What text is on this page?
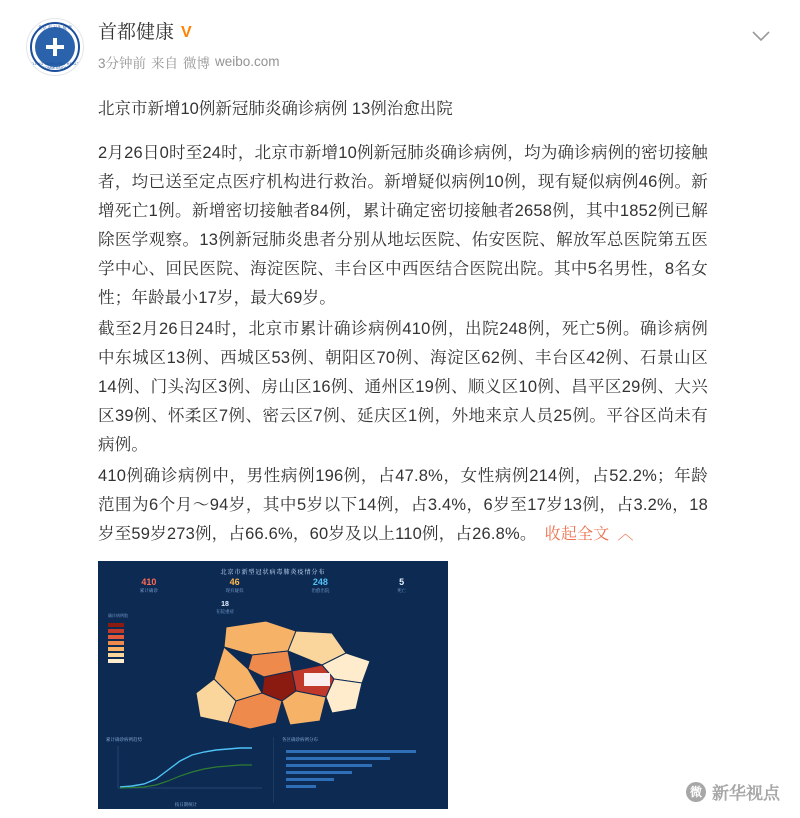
北京市卫生健康
BEIJING MUNICIPAL HEALTH COMMISSION
首都健康 V
3分钟前 来自 微博 weibo.com
北京市新增10例新冠肺炎确诊病例 13例治愈出院

2月26日0时至24时，北京市新增10例新冠肺炎确诊病例，均为确诊病例的密切接触者，均已送至定点医疗机构进行救治。新增疑似病例10例，现有疑似病例46例。新增死亡1例。新增密切接触者84例，累计确定密切接触者2658例，其中1852例已解除医学观察。13例新冠肺炎患者分别从地坛医院、佑安医院、解放军总医院第五医学中心、回民医院、海淀医院、丰台区中西医结合医院出院。其中5名男性，8名女性；年龄最小17岁，最大69岁。

截至2月26日24时，北京市累计确诊病例410例，出院248例，死亡5例。确诊病例中东城区13例、西城区53例、朝阳区70例、海淀区62例、丰台区42例、石景山区14例、门头沟区3例、房山区16例、通州区19例、顺义区10例、昌平区29例、大兴区39例、怀柔区7例、密云区7例、延庆区1例，外地来京人员25例。平谷区尚未有病例。

410例确诊病例中，男性病例196例，占47.8%，女性病例214例，占52.2%；年龄范围为6个月～94岁，其中5岁以下14例，占3.4%，6岁至17岁13例，占3.2%，18岁至59岁273例，占66.6%，60岁及以上110例，占26.8%。 收起全文 ︿

北京市新型冠状病毒肺炎疫情分布
410
累计确诊
46
现有疑似
248
治愈出院
5
死亡
18
在院重症
确诊病例数
累计确诊病例趋势
按日期统计
各区确诊病例分布
微 新华视点
